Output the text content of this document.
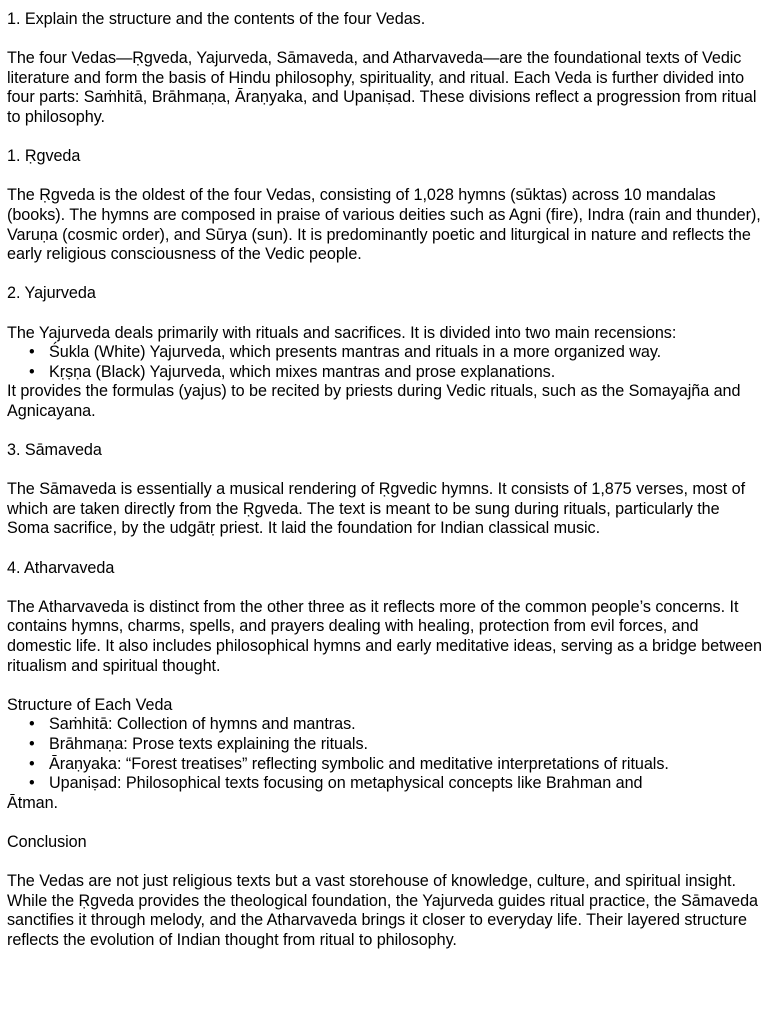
1. Explain the structure and the contents of the four Vedas.

The four Vedas—Ṛgveda, Yajurveda, Sāmaveda, and Atharvaveda—are the foundational texts of Vedic literature and form the basis of Hindu philosophy, spirituality, and ritual. Each Veda is further divided into four parts: Saṁhitā, Brāhmaṇa, Āraṇyaka, and Upaniṣad. These divisions reflect a progression from ritual to philosophy.

1. Ṛgveda

The Ṛgveda is the oldest of the four Vedas, consisting of 1,028 hymns (sūktas) across 10 mandalas (books). The hymns are composed in praise of various deities such as Agni (fire), Indra (rain and thunder), Varuṇa (cosmic order), and Sūrya (sun). It is predominantly poetic and liturgical in nature and reflects the early religious consciousness of the Vedic people.

2. Yajurveda

The Yajurveda deals primarily with rituals and sacrifices. It is divided into two main recensions:
• Śukla (White) Yajurveda, which presents mantras and rituals in a more organized way.
• Kṛṣṇa (Black) Yajurveda, which mixes mantras and prose explanations.

It provides the formulas (yajus) to be recited by priests during Vedic rituals, such as the Somayajña and Agnicayana.

3. Sāmaveda

The Sāmaveda is essentially a musical rendering of Ṛgvedic hymns. It consists of 1,875 verses, most of which are taken directly from the Ṛgveda. The text is meant to be sung during rituals, particularly the Soma sacrifice, by the udgātṛ priest. It laid the foundation for Indian classical music.

4. Atharvaveda

The Atharvaveda is distinct from the other three as it reflects more of the common people’s concerns. It contains hymns, charms, spells, and prayers dealing with healing, protection from evil forces, and domestic life. It also includes philosophical hymns and early meditative ideas, serving as a bridge between ritualism and spiritual thought.

Structure of Each Veda
• Saṁhitā: Collection of hymns and mantras.
• Brāhmaṇa: Prose texts explaining the rituals.
• Āraṇyaka: “Forest treatises” reflecting symbolic and meditative interpretations of rituals.
• Upaniṣad: Philosophical texts focusing on metaphysical concepts like Brahman and

Ātman.

Conclusion

The Vedas are not just religious texts but a vast storehouse of knowledge, culture, and spiritual insight. While the Ṛgveda provides the theological foundation, the Yajurveda guides ritual practice, the Sāmaveda sanctifies it through melody, and the Atharvaveda brings it closer to everyday life. Their layered structure reflects the evolution of Indian thought from ritual to philosophy.
